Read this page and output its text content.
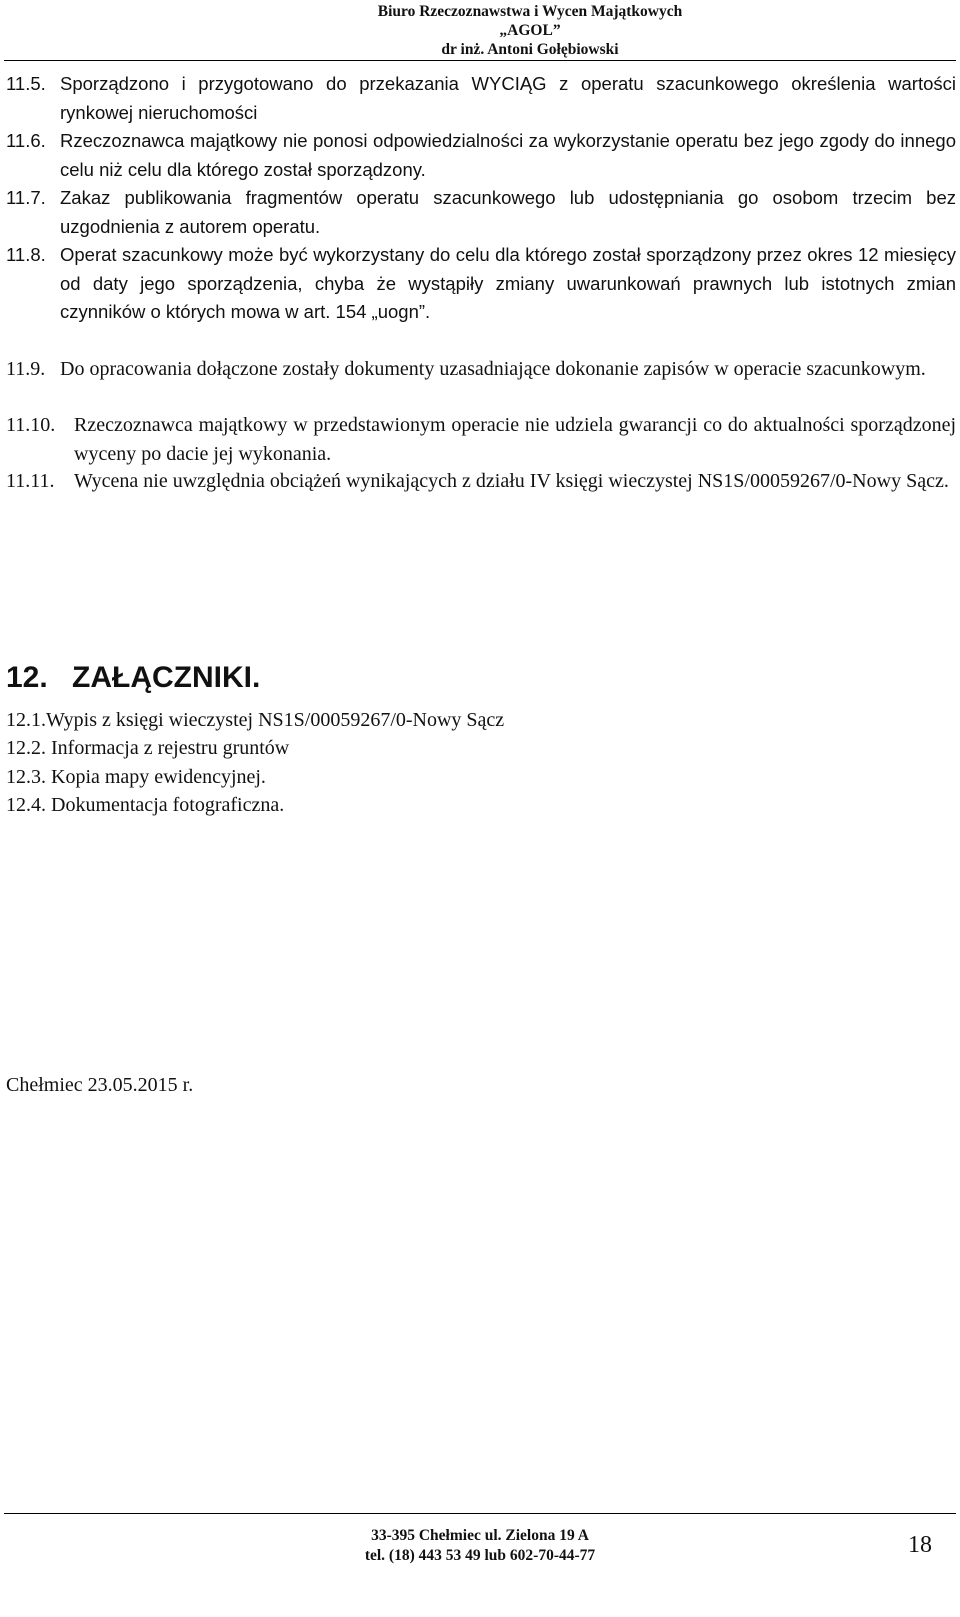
Biuro Rzeczoznawstwa i Wycen Majątkowych
„AGOL”
dr inż. Antoni Gołębiowski
11.5. Sporządzono i przygotowano do przekazania WYCIĄG z operatu szacunkowego określenia wartości rynkowej nieruchomości
11.6. Rzeczoznawca majątkowy nie ponosi odpowiedzialności za wykorzystanie operatu bez jego zgody do innego celu niż celu dla którego został sporządzony.
11.7. Zakaz publikowania fragmentów operatu szacunkowego lub udostępniania go osobom trzecim bez uzgodnienia z autorem operatu.
11.8. Operat szacunkowy może być wykorzystany do celu dla którego został sporządzony przez okres 12 miesięcy od daty jego sporządzenia, chyba że wystąpiły zmiany uwarunkowań prawnych lub istotnych zmian czynników o których mowa w art. 154 „uogn”.
11.9. Do opracowania dołączone zostały dokumenty uzasadniające dokonanie zapisów w operacie szacunkowym.
11.10. Rzeczoznawca majątkowy w przedstawionym operacie nie udziela gwarancji co do aktualności sporządzonej wyceny po dacie jej wykonania.
11.11. Wycena nie uwzględnia obciążeń wynikających z działu IV księgi wieczystej NS1S/00059267/0-Nowy Sącz.
12. ZAŁĄCZNIKI.
12.1.Wypis z księgi wieczystej NS1S/00059267/0-Nowy Sącz
12.2. Informacja z rejestru gruntów
12.3. Kopia mapy ewidencyjnej.
12.4. Dokumentacja fotograficzna.
Chełmiec 23.05.2015 r.
33-395 Chełmiec ul. Zielona 19 A
tel. (18) 443 53 49 lub 602-70-44-77	18
